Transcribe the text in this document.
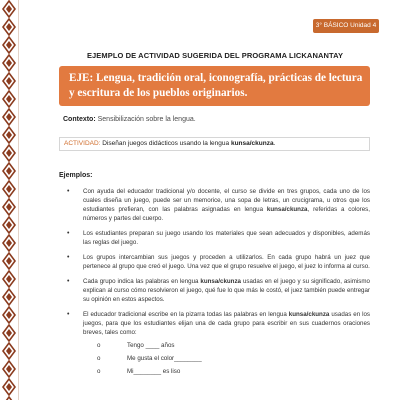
3° BÁSICO Unidad 4
EJEMPLO DE ACTIVIDAD SUGERIDA DEL PROGRAMA LICKANANTAY
EJE: Lengua, tradición oral, iconografía, prácticas de lectura y escritura de los pueblos originarios.
Contexto: Sensibilización sobre la lengua.
ACTIVIDAD: Diseñan juegos didácticos usando la lengua kunsa/ckunza.
Ejemplos:
• Con ayuda del educador tradicional y/o docente, el curso se divide en tres grupos, cada uno de los cuales diseña un juego, puede ser un memorice, una sopa de letras, un crucigrama, u otros que los estudiantes prefieran, con las palabras asignadas en lengua kunsa/ckunza, referidas a colores, números y partes del cuerpo.
• Los estudiantes preparan su juego usando los materiales que sean adecuados y disponibles, además las reglas del juego.
• Los grupos intercambian sus juegos y proceden a utilizarlos. En cada grupo habrá un juez que pertenece al grupo que creó el juego. Una vez que el grupo resuelve el juego, el juez lo informa al curso.
• Cada grupo indica las palabras en lengua kunsa/ckunza usadas en el juego y su significado, asimismo explican al curso cómo resolvieron el juego, qué fue lo que más le costó, el juez también puede entregar su opinión en estos aspectos.
• El educador tradicional escribe en la pizarra todas las palabras en lengua kunsa/ckunza usadas en los juegos, para que los estudiantes elijan una de cada grupo para escribir en sus cuadernos oraciones breves, tales como:
o Tengo ____ años
o Me gusta el color________
o Mi________ es liso
